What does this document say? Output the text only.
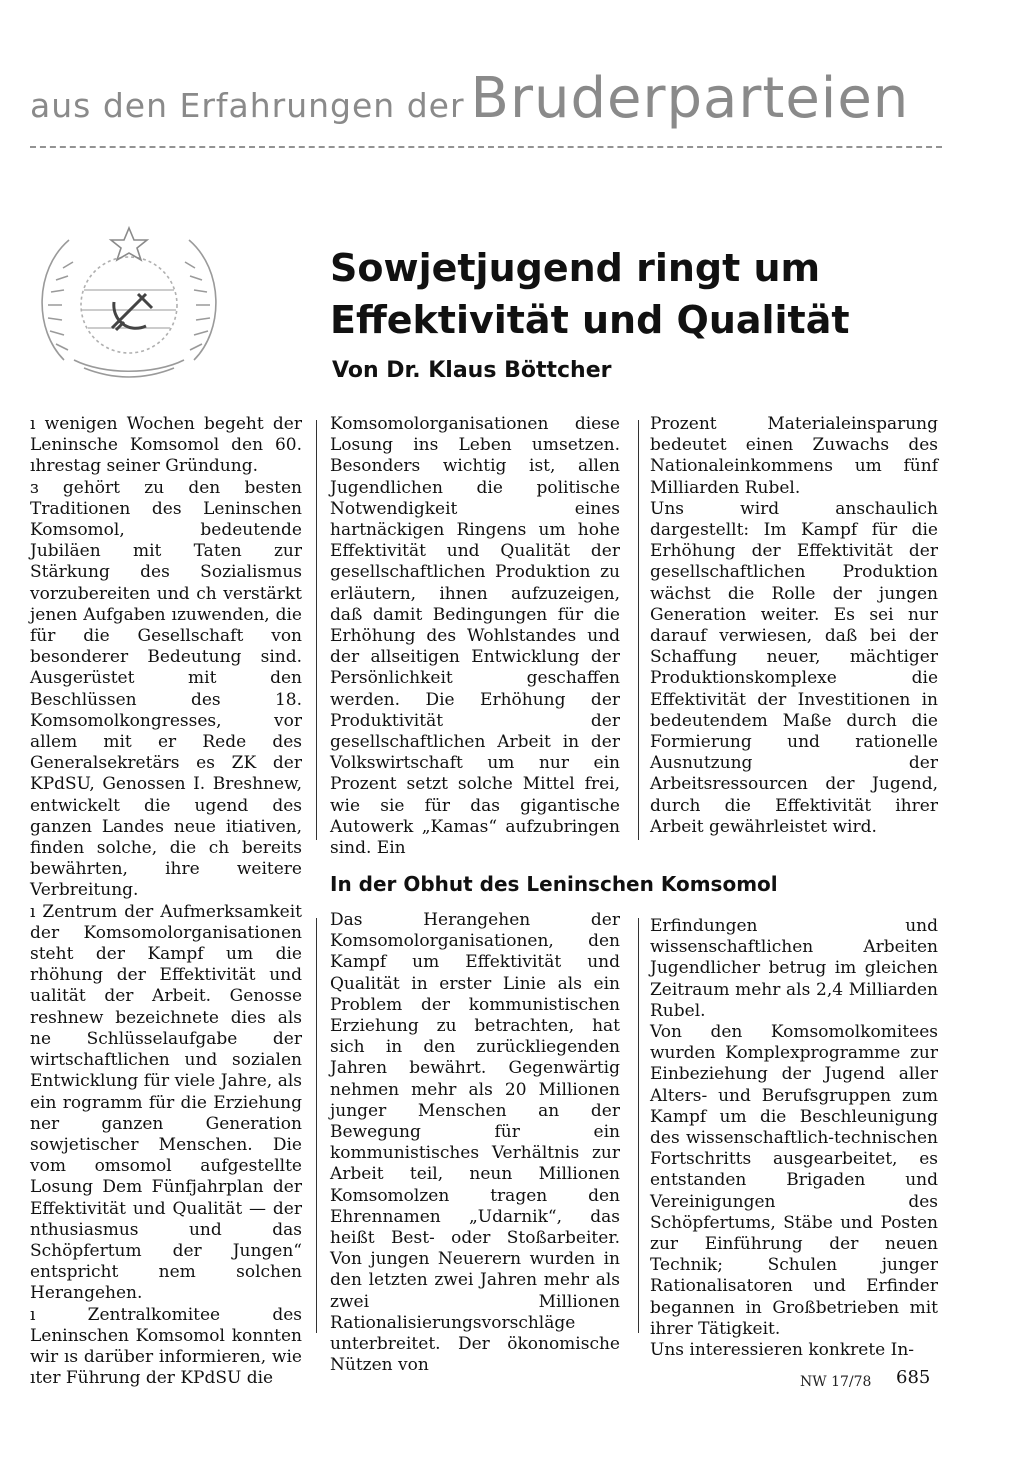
aus den Erfahrungen der Bruderparteien
Sowjetjugend ringt um
Effektivität und Qualität
Von Dr. Klaus Böttcher

ı wenigen Wochen begeht der Leninsche Komsomol den 60. ıhrestag seiner Gründung.

ɜ gehört zu den besten Traditionen des Leninschen Komsomol, bedeutende Jubiläen mit Taten zur Stärkung des Sozialismus vorzubereiten und ch verstärkt jenen Aufgaben ızuwenden, die für die Gesellschaft von besonderer Bedeutung sind. Ausgerüstet mit den Beschlüssen des 18. Komsomolkongresses, vor allem mit er Rede des Generalsekretärs es ZK der KPdSU, Genossen I. Breshnew, entwickelt die ugend des ganzen Landes neue itiativen, finden solche, die ch bereits bewährten, ihre weitere Verbreitung.

ı Zentrum der Aufmerksamkeit der Komsomolorganisationen steht der Kampf um die rhöhung der Effektivität und ualität der Arbeit. Genosse reshnew bezeichnete dies als ne Schlüsselaufgabe der wirtschaftlichen und sozialen Entwicklung für viele Jahre, als ein rogramm für die Erziehung ner ganzen Generation sowjetischer Menschen. Die vom omsomol aufgestellte Losung Dem Fünfjahrplan der Effektivität und Qualität — der nthusiasmus und das Schöpfertum der Jungen“ entspricht nem solchen Herangehen.

ı Zentralkomitee des Leninschen Komsomol konnten wir ıs darüber informieren, wie ıter Führung der KPdSU die

Komsomolorganisationen diese Losung ins Leben umsetzen. Besonders wichtig ist, allen Jugendlichen die politische Notwendigkeit eines hartnäckigen Ringens um hohe Effektivität und Qualität der gesellschaftlichen Produktion zu erläutern, ihnen aufzuzeigen, daß damit Bedingungen für die Erhöhung des Wohlstandes und der allseitigen Entwicklung der Persönlichkeit geschaffen werden. Die Erhöhung der Produktivität der gesellschaftlichen Arbeit in der Volkswirtschaft um nur ein Prozent setzt solche Mittel frei, wie sie für das gigantische Autowerk „Kamas“ aufzubringen sind. Ein

Prozent Materialeinsparung bedeutet einen Zuwachs des Nationaleinkommens um fünf Milliarden Rubel.

Uns wird anschaulich dargestellt: Im Kampf für die Erhöhung der Effektivität der gesellschaftlichen Produktion wächst die Rolle der jungen Generation weiter. Es sei nur darauf verwiesen, daß bei der Schaffung neuer, mächtiger Produktionskomplexe die Effektivität der Investitionen in bedeutendem Maße durch die Formierung und rationelle Ausnutzung der Arbeitsressourcen der Jugend, durch die Effektivität ihrer Arbeit gewährleistet wird.

In der Obhut des Leninschen Komsomol

Das Herangehen der Komsomolorganisationen, den Kampf um Effektivität und Qualität in erster Linie als ein Problem der kommunistischen Erziehung zu betrachten, hat sich in den zurückliegenden Jahren bewährt. Gegenwärtig nehmen mehr als 20 Millionen junger Menschen an der Bewegung für ein kommunistisches Verhältnis zur Arbeit teil, neun Millionen Komsomolzen tragen den Ehrennamen „Udarnik“, das heißt Best- oder Stoßarbeiter. Von jungen Neuerern wurden in den letzten zwei Jahren mehr als zwei Millionen Rationalisierungsvorschläge unterbreitet. Der ökonomische Nützen von

Erfindungen und wissenschaftlichen Arbeiten Jugendlicher betrug im gleichen Zeitraum mehr als 2,4 Milliarden Rubel.

Von den Komsomolkomitees wurden Komplexprogramme zur Einbeziehung der Jugend aller Alters- und Berufsgruppen zum Kampf um die Beschleunigung des wissenschaftlich-technischen Fortschritts ausgearbeitet, es entstanden Brigaden und Vereinigungen des Schöpfertums, Stäbe und Posten zur Einführung der neuen Technik; Schulen junger Rationalisatoren und Erfinder begannen in Großbetrieben mit ihrer Tätigkeit.

Uns interessieren konkrete In-

NW 17/78 685
